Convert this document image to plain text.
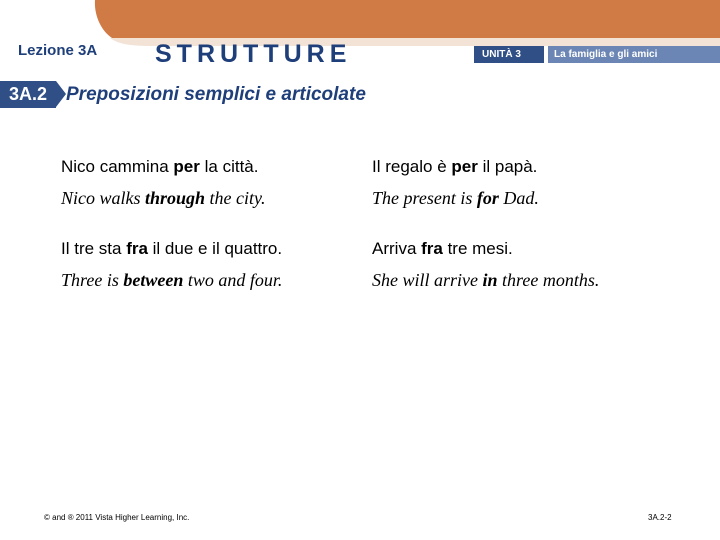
Lezione 3A STRUTTURE	UNITÀ 3	La famiglia e gli amici
3A.2 Preposizioni semplici e articolate
Nico cammina per la città.
Nico walks through the city.
Il regalo è per il papà.
The present is for Dad.
Il tre sta fra il due e il quattro.
Three is between two and four.
Arriva fra tre mesi.
She will arrive in three months.
© and ® 2011 Vista Higher Learning, Inc.	3A.2-2
